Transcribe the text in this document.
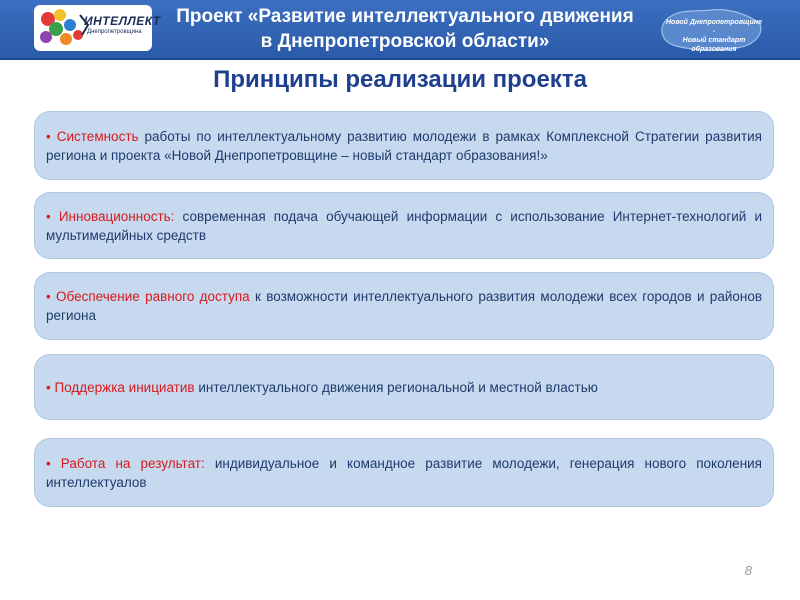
ИНТЕЛЛЕКТ
Днепропетровщина
Проект «Развитие интеллектуального движения
в Днепропетровской области»
Новой Днепропетровщине -
Новый стандарт образования
Принципы реализации проекта
• Системность работы по интеллектуальному развитию молодежи в рамках Комплексной Стратегии развития региона и проекта «Новой Днепропетровщине – новый стандарт образования!»
• Инновационность: современная подача обучающей информации с использование Интернет-технологий и мультимедийных средств
• Обеспечение равного доступа к возможности интеллектуального развития молодежи всех городов и районов региона
• Поддержка инициатив интеллектуального движения региональной и местной властью
• Работа на результат: индивидуальное и командное развитие молодежи, генерация нового поколения интеллектуалов
8
